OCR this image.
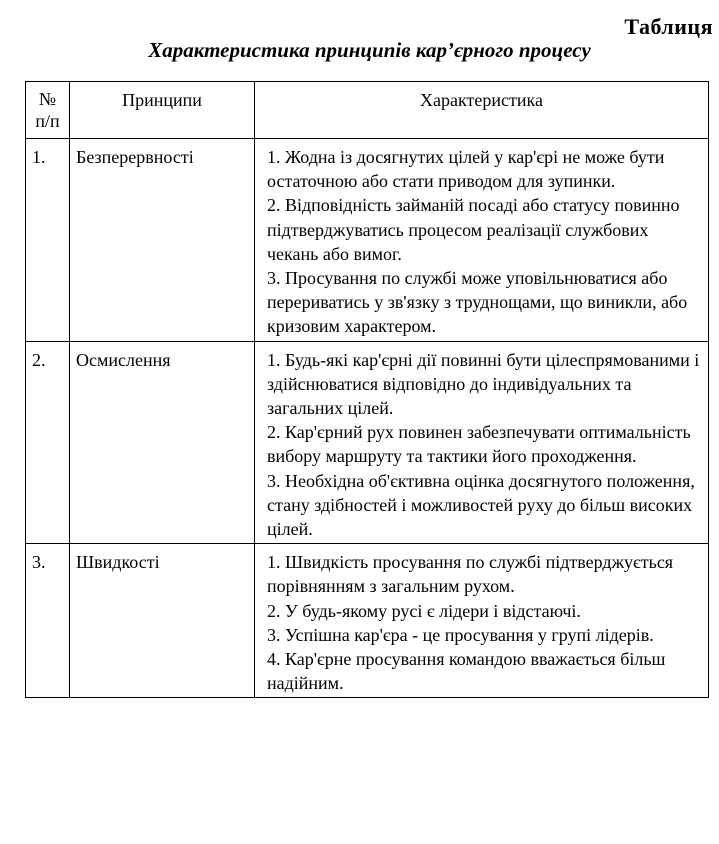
Таблиця
Характеристика принципів кар’єрного процесу
№
п/п	Принципи	Характеристика
1.	Безперервності	1. Жодна із досягнутих цілей у кар'єрі не може бути остаточною або стати приводом для зупинки.
2. Відповідність займаній посаді або статусу повинно підтверджуватись процесом реалізації службових чекань або вимог.
3. Просування по службі може уповільнюватися або перериватись у зв'язку з труднощами, що виникли, або кризовим характером.

2.	Осмислення	1. Будь-які кар'єрні дії повинні бути цілеспрямованими і здійснюватися відповідно до індивідуальних та загальних цілей.
2. Кар'єрний рух повинен забезпечувати оптимальність вибору маршруту та тактики його проходження.
3. Необхідна об'єктивна оцінка досягнутого положення, стану здібностей і можливостей руху до більш високих цілей.

3.	Швидкості	1. Швидкість просування по службі підтверджується порівнянням з загальним рухом.
2. У будь-якому русі є лідери і відстаючі.
3. Успішна кар'єра - це просування у групі лідерів.
4. Кар'єрне просування командою вважається більш надійним.
